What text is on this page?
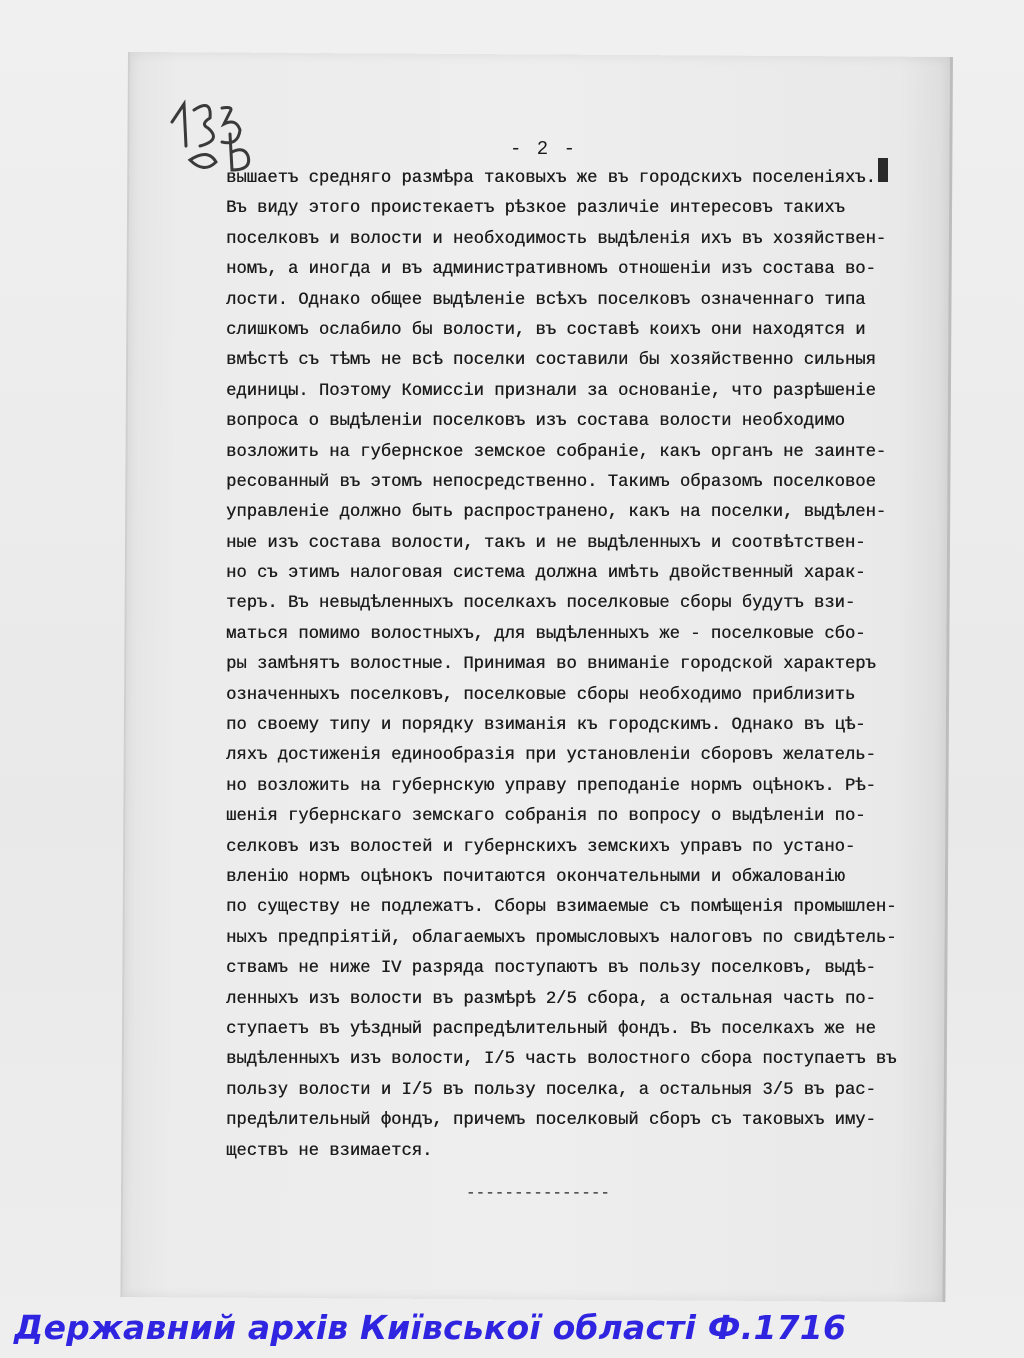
- 2 -
вышаетъ средняго размѣра таковыхъ же въ городскихъ поселеніяхъ.
Въ виду этого проистекаетъ рѣзкое различіе интересовъ такихъ
поселковъ и волости и необходимость выдѣленія ихъ въ хозяйствен-
номъ, а иногда и въ административномъ отношеніи изъ состава во-
лости. Однако общее выдѣленіе всѣхъ поселковъ означеннаго типа
слишкомъ ослабило бы волости, въ составѣ коихъ они находятся и
вмѣстѣ съ тѣмъ не всѣ поселки составили бы хозяйственно сильныя
единицы. Поэтому Комиссіи признали за основаніе, что разрѣшеніе
вопроса о выдѣленіи поселковъ изъ состава волости необходимо
возложить на губернское земское собраніе, какъ органъ не заинте-
ресованный въ этомъ непосредственно. Такимъ образомъ поселковое
управленіе должно быть распространено, какъ на поселки, выдѣлен-
ные изъ состава волости, такъ и не выдѣленныхъ и соотвѣтствен-
но съ этимъ налоговая система должна имѣть двойственный харак-
теръ. Въ невыдѣленныхъ поселкахъ поселковые сборы будутъ взи-
маться помимо волостныхъ, для выдѣленныхъ же - поселковые сбо-
ры замѣнятъ волостные. Принимая во вниманіе городской характеръ
означенныхъ поселковъ, поселковые сборы необходимо приблизить
по своему типу и порядку взиманія къ городскимъ. Однако въ цѣ-
ляхъ достиженія единообразія при установленіи сборовъ желатель-
но возложить на губернскую управу преподаніе нормъ оцѣнокъ. Рѣ-
шенія губернскаго земскаго собранія по вопросу о выдѣленіи по-
селковъ изъ волостей и губернскихъ земскихъ управъ по устано-
вленію нормъ оцѣнокъ почитаются окончательными и обжалованію
по существу не подлежатъ. Сборы взимаемые съ помѣщенія промышлен-
ныхъ предпріятій, облагаемыхъ промысловыхъ налоговъ по свидѣтель-
ствамъ не ниже IV разряда поступаютъ въ пользу поселковъ, выдѣ-
ленныхъ изъ волости въ размѣрѣ 2/5 сбора, а остальная часть по-
ступаетъ въ уѣздный распредѣлительный фондъ. Въ поселкахъ же не
выдѣленныхъ изъ волости, I/5 часть волостного сбора поступаетъ въ
пользу волости и I/5 въ пользу поселка, а остальныя 3/5 въ рас-
предѣлительный фондъ, причемъ поселковый сборъ съ таковыхъ иму-
ществъ не взимается.
---------------
Державний архів Київської області Ф.1716
